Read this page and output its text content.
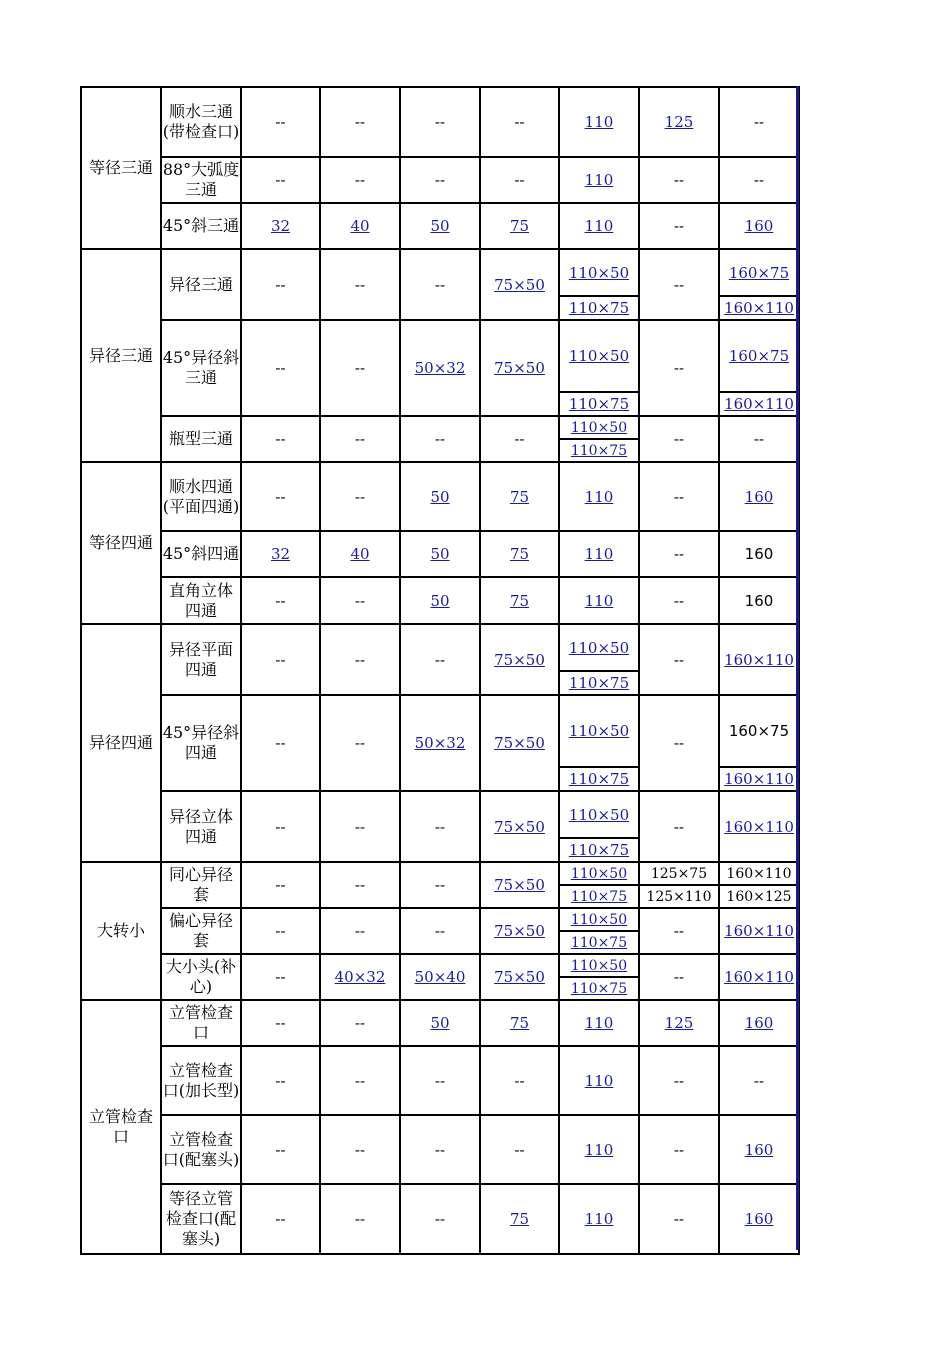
等径三通	顺水三通(带检查口)	--	--	--	--	110	125	--
	88°大弧度三通	--	--	--	--	110	--	--
	45°斜三通	32	40	50	75	110	--	160
异径三通	异径三通	--	--	--	75×50	110×50	--	160×75
						110×75		160×110
	45°异径斜三通	--	--	50×32	75×50	110×50	--	160×75

						110×75		160×110
	瓶型三通	--	--	--	--	110×50	--	--
						110×75		
等径四通	顺水四通(平面四通)	--	--	50	75	110	--	160
	45°斜四通	32	40	50	75	110	--	160
	直角立体四通	--	--	50	75	110	--	160
异径四通	异径平面四通	--	--	--	75×50	110×50	--	160×110
						110×75		
	45°异径斜四通	--	--	50×32	75×50	110×50	--	160×75

						110×75		160×110
	异径立体四通	--	--	--	75×50	110×50	--	160×110
						110×75		
大转小	同心异径套	--	--	--	75×50	110×50	125×75	160×110
						110×75	125×110	160×125
	偏心异径套	--	--	--	75×50	110×50	--	160×110
						110×75		
	大小头(补心)	--	40×32	50×40	75×50	110×50	--	160×110
						110×75		
立管检查口	立管检查口	--	--	50	75	110	125	160
	立管检查口(加长型)	--	--	--	--	110	--	--
	立管检查口(配塞头)	--	--	--	--	110	--	160
	等径立管检查口(配塞头)	--	--	--	75	110	--	160
